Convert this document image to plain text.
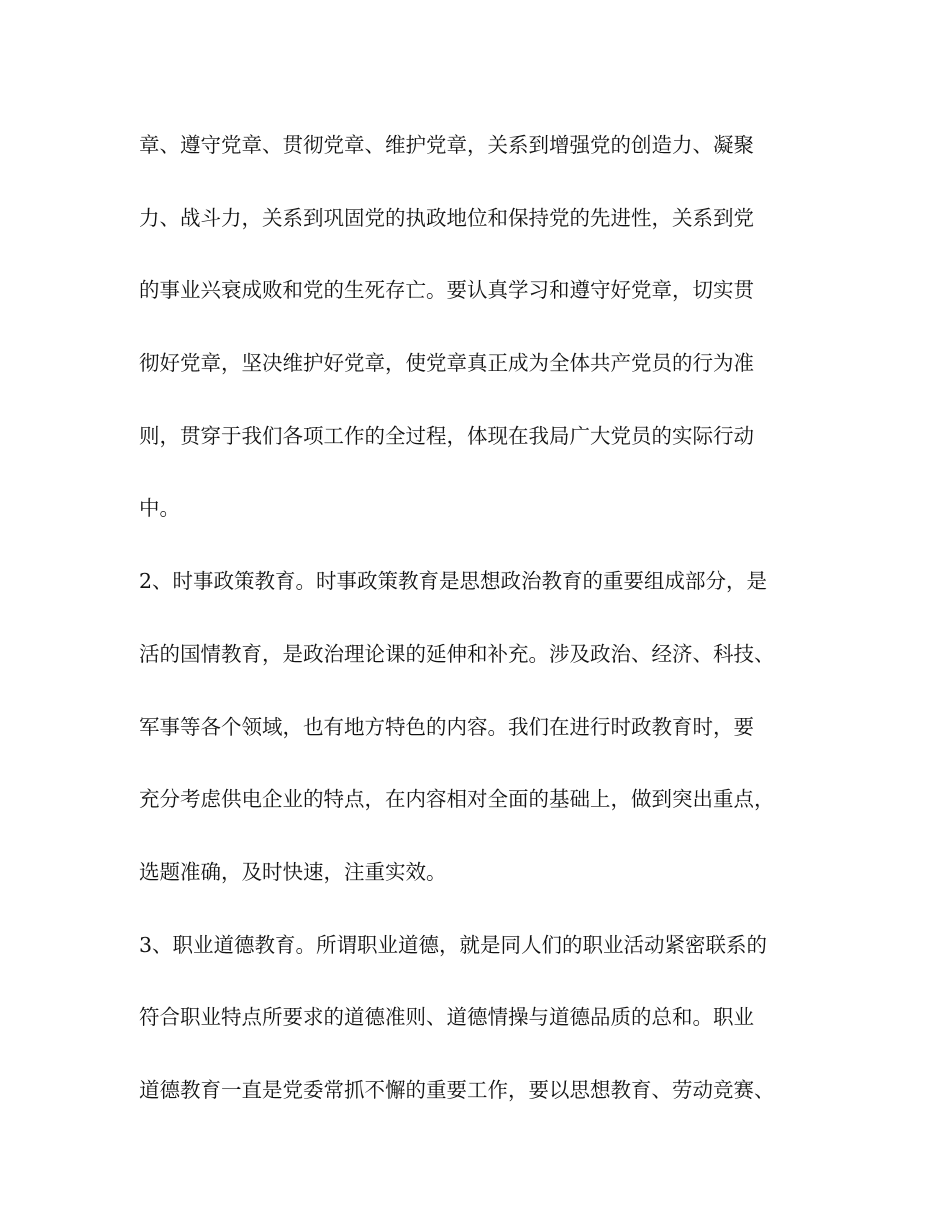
章、遵守党章、贯彻党章、维护党章，关系到增强党的创造力、凝聚
力、战斗力，关系到巩固党的执政地位和保持党的先进性，关系到党
的事业兴衰成败和党的生死存亡。要认真学习和遵守好党章，切实贯
彻好党章，坚决维护好党章，使党章真正成为全体共产党员的行为准
则，贯穿于我们各项工作的全过程，体现在我局广大党员的实际行动
中。
2、时事政策教育。时事政策教育是思想政治教育的重要组成部分，是
活的国情教育，是政治理论课的延伸和补充。涉及政治、经济、科技、
军事等各个领域，也有地方特色的内容。我们在进行时政教育时，要
充分考虑供电企业的特点，在内容相对全面的基础上，做到突出重点，
选题准确，及时快速，注重实效。
3、职业道德教育。所谓职业道德，就是同人们的职业活动紧密联系的
符合职业特点所要求的道德准则、道德情操与道德品质的总和。职业
道德教育一直是党委常抓不懈的重要工作，要以思想教育、劳动竞赛、
